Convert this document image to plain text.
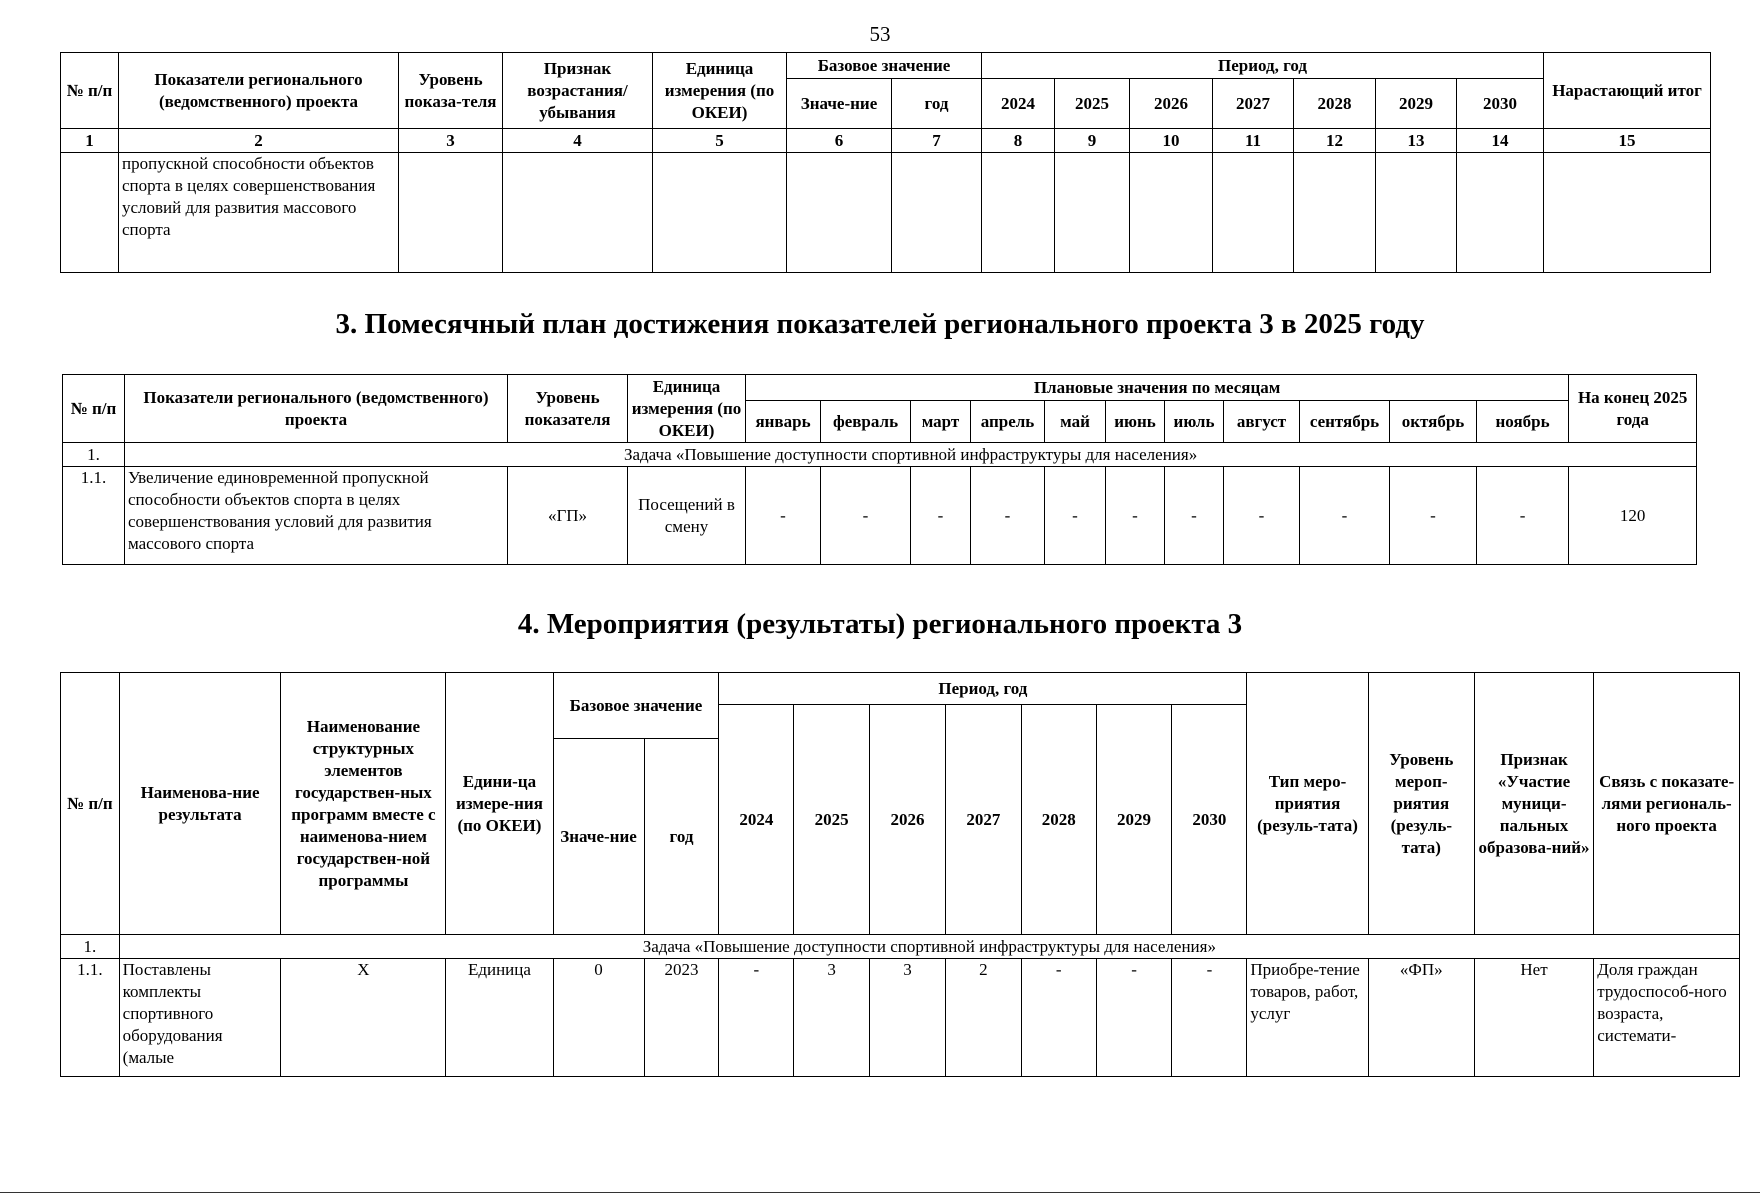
53
№ п/п	Показатели регионального (ведомственного) проекта	Уровень показа-теля	Признак возрастания/ убывания	Единица измерения (по ОКЕИ)	Базовое значение		Период, год							Нарастающий итог
					Значе-ние	год	2024	2025	2026	2027	2028	2029	2030	
1	2	3	4	5	6	7	8	9	10	11	12	13	14	15
	пропускной способности объектов спорта в целях совершенствования условий для развития массового спорта													
3. Помесячный план достижения показателей регионального проекта 3 в 2025 году
№ п/п	Показатели регионального (ведомственного) проекта	Уровень показателя	Единица измерения (по ОКЕИ)	Плановые значения по месяцам											На конец 2025 года
				январь	февраль	март	апрель	май	июнь	июль	август	сентябрь	октябрь	ноябрь	
1.	Задача «Повышение доступности спортивной инфраструктуры для населения»														
1.1.	Увеличение единовременной пропускной способности объектов спорта в целях совершенствования условий для развития массового спорта	«ГП»	Посещений в смену	-	-	-	-	-	-	-	-	-	-	-	120
4. Мероприятия (результаты) регионального проекта 3
№ п/п	Наименова-ние результата	Наименование структурных элементов государствен-ных программ вместе с наименова-нием государствен-ной программы	Едини-ца измере-ния (по ОКЕИ)	Базовое значение		Период, год							Тип меро-приятия (резуль-тата)	Уровень мероп-риятия (резуль-тата)	Признак «Участие муници-пальных образова-ний»	Связь с показате-лями региональ-ного проекта
						2024	2025	2026	2027	2028	2029	2030				
				Значе-ние	год											
1.	Задача «Повышение доступности спортивной инфраструктуры для населения»															
1.1.	Поставлены комплекты спортивного оборудования (малые	Х	Единица	0	2023	-	3	3	2	-	-	-	Приобре-тение товаров, работ, услуг	«ФП»	Нет	Доля граждан трудоспособ-ного возраста, системати-
